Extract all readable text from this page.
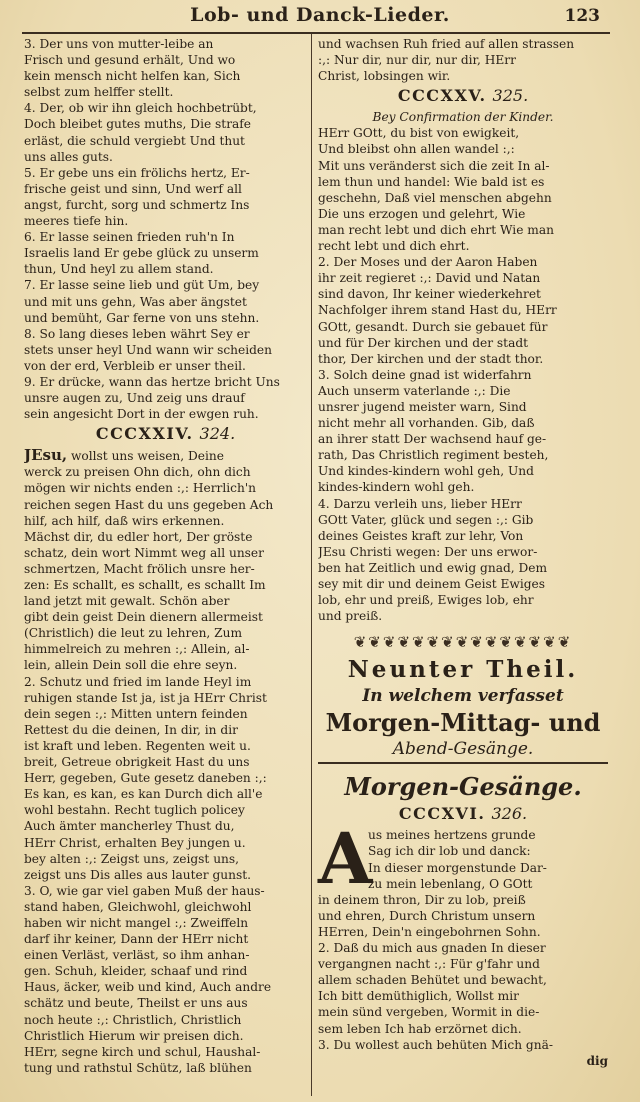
Lob- und Danck-Lieder.	123
3. Der uns von mutter-leibe an
Frisch und gesund erhält, Und wo
kein mensch nicht helfen kan, Sich
selbst zum helffer stellt.
4. Der, ob wir ihn gleich hochbetrübt,
Doch bleibet gutes muths, Die strafe
erläst, die schuld vergiebt Und thut
uns alles guts.
5. Er gebe uns ein frölichs hertz, Er-
frische geist und sinn, Und werf all
angst, furcht, sorg und schmertz Ins
meeres tiefe hin.
6. Er lasse seinen frieden ruh'n In
Israelis land Er gebe glück zu unserm
thun, Und heyl zu allem stand.
7. Er lasse seine lieb und güt Um, bey
und mit uns gehn, Was aber ängstet
und bemüht, Gar ferne von uns stehn.
8. So lang dieses leben währt Sey er
stets unser heyl Und wann wir scheiden
von der erd, Verbleib er unser theil.
9. Er drücke, wann das hertze bricht Uns
unsre augen zu, Und zeig uns drauf
sein angesicht Dort in der ewgen ruh.
CCCXXIV. 324.
JEsu, wollst uns weisen, Deine
werck zu preisen Ohn dich, ohn dich
mögen wir nichts enden :,: Herrlich'n
reichen segen Hast du uns gegeben Ach
hilf, ach hilf, daß wirs erkennen.
Mächst dir, du edler hort, Der gröste
schatz, dein wort Nimmt weg all unser
schmertzen, Macht frölich unsre her-
zen: Es schallt, es schallt, es schallt Im
land jetzt mit gewalt. Schön aber
gibt dein geist Dein dienern allermeist
(Christlich) die leut zu lehren, Zum
himmelreich zu mehren :,: Allein, al-
lein, allein Dein soll die ehre seyn.
2. Schutz und fried im lande Heyl im
ruhigen stande Ist ja, ist ja HErr Christ
dein segen :,: Mitten untern feinden
Rettest du die deinen, In dir, in dir
ist kraft und leben. Regenten weit u.
breit, Getreue obrigkeit Hast du uns
Herr, gegeben, Gute gesetz daneben :,:
Es kan, es kan, es kan Durch dich all'e
wohl bestahn. Recht tuglich policey
Auch ämter mancherley Thust du,
HErr Christ, erhalten Bey jungen u.
bey alten :,: Zeigst uns, zeigst uns,
zeigst uns Dis alles aus lauter gunst.
3. O, wie gar viel gaben Muß der haus-
stand haben, Gleichwohl, gleichwohl
haben wir nicht mangel :,: Zweiffeln
darf ihr keiner, Dann der HErr nicht
einen Verläst, verläst, so ihm anhan-
gen. Schuh, kleider, schaaf und rind
Haus, äcker, weib und kind, Auch andre
schätz und beute, Theilst er uns aus
noch heute :,: Christlich, Christlich
Christlich Hierum wir preisen dich.
HErr, segne kirch und schul, Haushal-
tung und rathstul Schütz, laß blühen
und wachsen Ruh fried auf allen strassen
:,: Nur dir, nur dir, nur dir, HErr
Christ, lobsingen wir.
CCCXXV. 325.

Bey Confirmation der Kinder.

HErr GOtt, du bist von ewigkeit,
Und bleibst ohn allen wandel :,:
Mit uns veränderst sich die zeit In al-
lem thun und handel: Wie bald ist es
geschehn, Daß viel menschen abgehn
Die uns erzogen und gelehrt, Wie
man recht lebt und dich ehrt Wie man
recht lebt und dich ehrt.
2. Der Moses und der Aaron Haben
ihr zeit regieret :,: David und Natan
sind davon, Ihr keiner wiederkehret
Nachfolger ihrem stand Hast du, HErr
GOtt, gesandt. Durch sie gebauet für
und für Der kirchen und der stadt
thor, Der kirchen und der stadt thor.
3. Solch deine gnad ist widerfahrn
Auch unserm vaterlande :,: Die
unsrer jugend meister warn, Sind
nicht mehr all vorhanden. Gib, daß
an ihrer statt Der wachsend hauf ge-
rath, Das Christlich regiment besteh,
Und kindes-kindern wohl geh, Und
kindes-kindern wohl geh.
4. Darzu verleih uns, lieber HErr
GOtt Vater, glück und segen :,: Gib
deines Geistes kraft zur lehr, Von
JEsu Christi wegen: Der uns erwor-
ben hat Zeitlich und ewig gnad, Dem
sey mit dir und deinem Geist Ewiges
lob, ehr und preiß, Ewiges lob, ehr
und preiß.
❦❦❦❦❦❦❦❦❦❦❦❦❦❦❦

Neunter Theil.

In welchem verfasset

Morgen-Mittag- und

Abend-Gesänge.

Morgen-Gesänge.

CCCXVI. 326.
A
us meines hertzens grunde
Sag ich dir lob und danck:
In dieser morgenstunde Dar-
zu mein lebenlang, O GOtt
in deinem thron, Dir zu lob, preiß
und ehren, Durch Christum unsern
HErren, Dein'n eingebohrnen Sohn.
2. Daß du mich aus gnaden In dieser
vergangnen nacht :,: Für g'fahr und
allem schaden Behütet und bewacht,
Ich bitt demüthiglich, Wollst mir
mein sünd vergeben, Wormit in die-
sem leben Ich hab erzörnet dich.
3. Du wollest auch behüten Mich gnä-
dig
